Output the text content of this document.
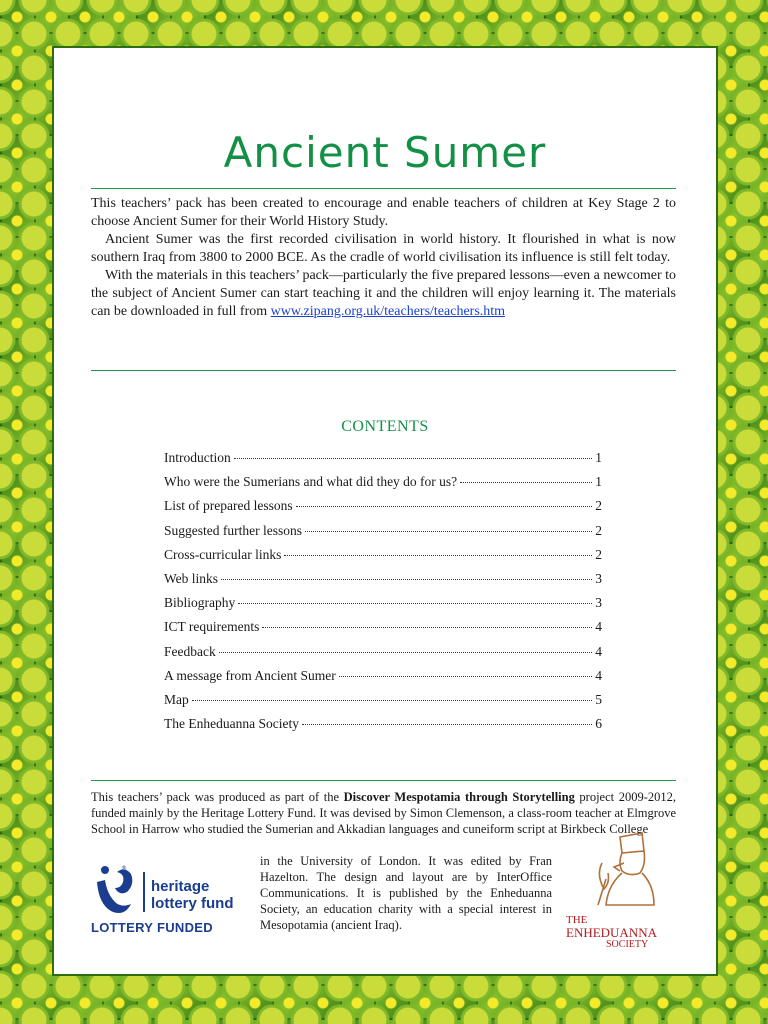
Ancient Sumer

This teachers’ pack has been created to encourage and enable teachers of children at Key Stage 2 to choose Ancient Sumer for their World History Study.

Ancient Sumer was the first recorded civilisation in world history. It flourished in what is now southern Iraq from 3800 to 2000 BCE. As the cradle of world civilisation its influence is still felt today.

With the materials in this teachers’ pack—particularly the five prepared lessons—even a newcomer to the subject of Ancient Sumer can start teaching it and the children will enjoy learning it. The materials can be downloaded in full from www.zipang.org.uk/teachers/teachers.htm

CONTENTS
Introduction	1
Who were the Sumerians and what did they do for us?	1
List of prepared lessons	2
Suggested further lessons	2
Cross-curricular links	2
Web links	3
Bibliography	3
ICT requirements	4
Feedback	4
A message from Ancient Sumer	4
Map	5
The Enheduanna Society	6
This teachers’ pack was produced as part of the Discover Mespotamia through Storytelling project 2009-2012, funded mainly by the Heritage Lottery Fund. It was devised by Simon Clemenson, a class-room teacher at Elmgrove School in Harrow who studied the Sumerian and Akkadian languages and cuneiform script at Birkbeck College
in the University of London. It was edited by Fran Hazelton. The design and layout are by InterOffice Communications. It is published by the Enheduanna Society, an education charity with a special interest in Mesopotamia (ancient Iraq).
®
heritage
lottery fund
LOTTERY FUNDED	THE
ENHEDUANNA
SOCIETY
